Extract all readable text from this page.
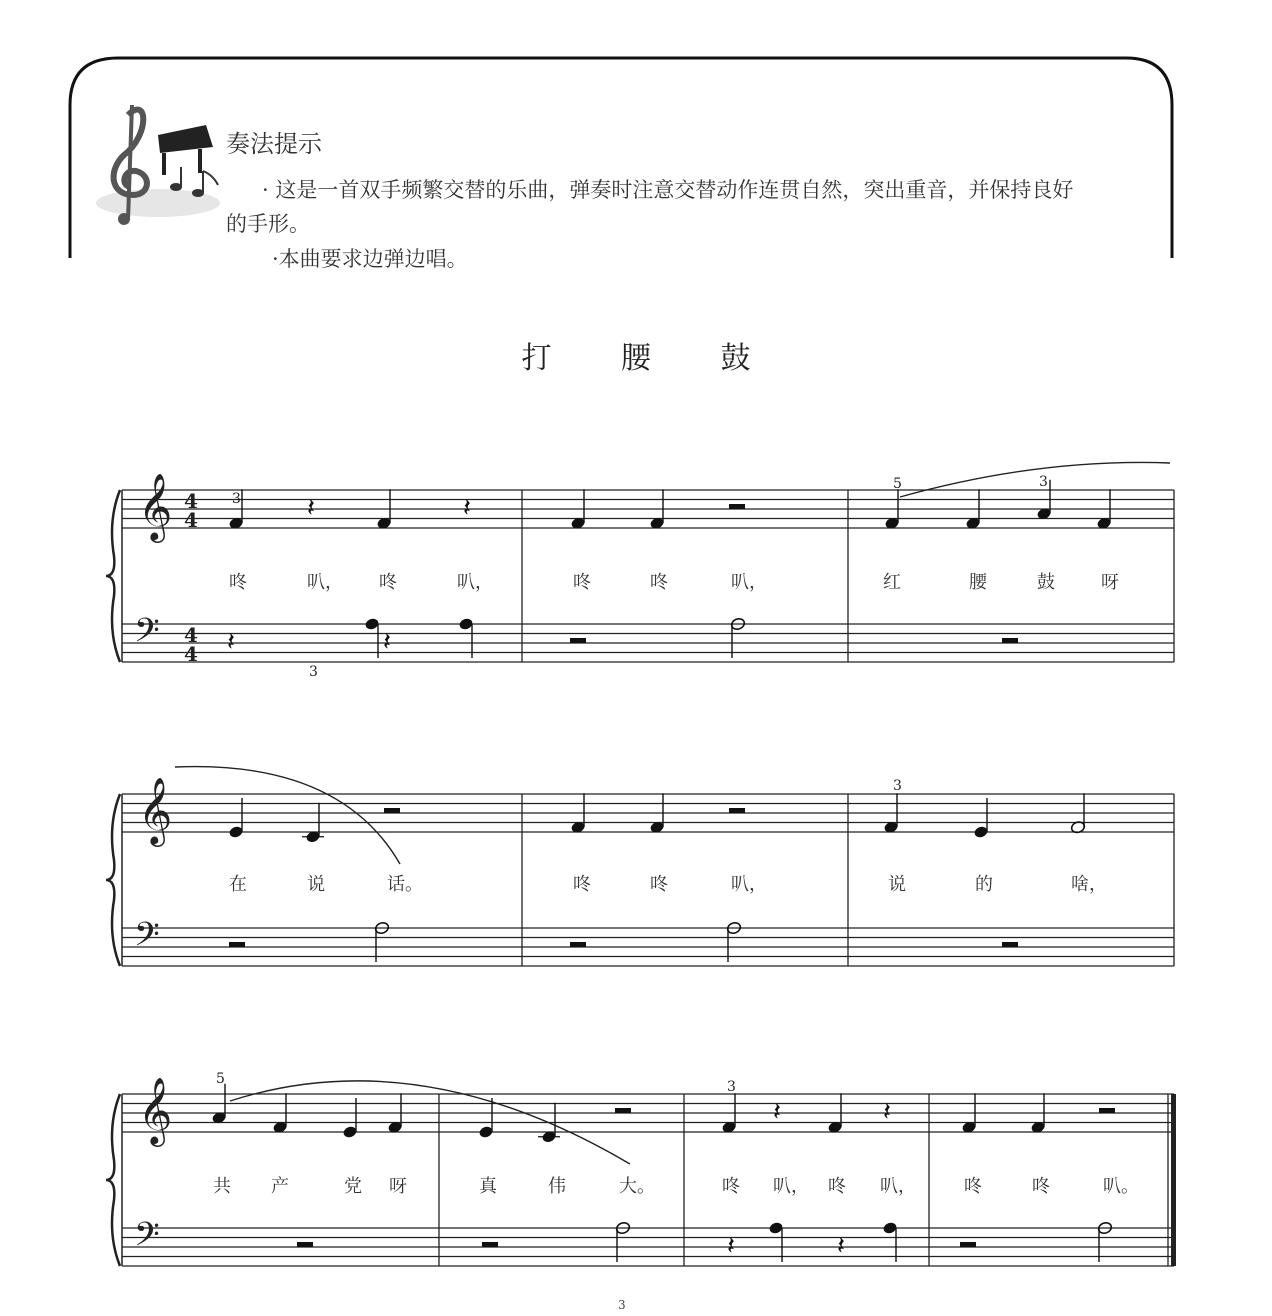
奏法提示
· 这是一首双手频繁交替的乐曲，弹奏时注意交替动作连贯自然，突出重音，并保持良好
的手形。
·本曲要求边弹边唱。
打 腰 鼓
𝄞
𝄢
4
4
4
4
𝄽	𝄽
𝄽	𝄽
3
3
5	3
咚	叭， 咚	叭，	咚	咚	叭，	红	腰	鼓	呀
𝄞
𝄢
3
在	说	话。	咚	咚	叭，	说	的	啥，
𝄞
𝄢
𝄽	𝄽
𝄽	𝄽
5	3
共 产	党 呀	真	伟	大。	咚 叭， 咚 叭，	咚	咚	叭。
3
